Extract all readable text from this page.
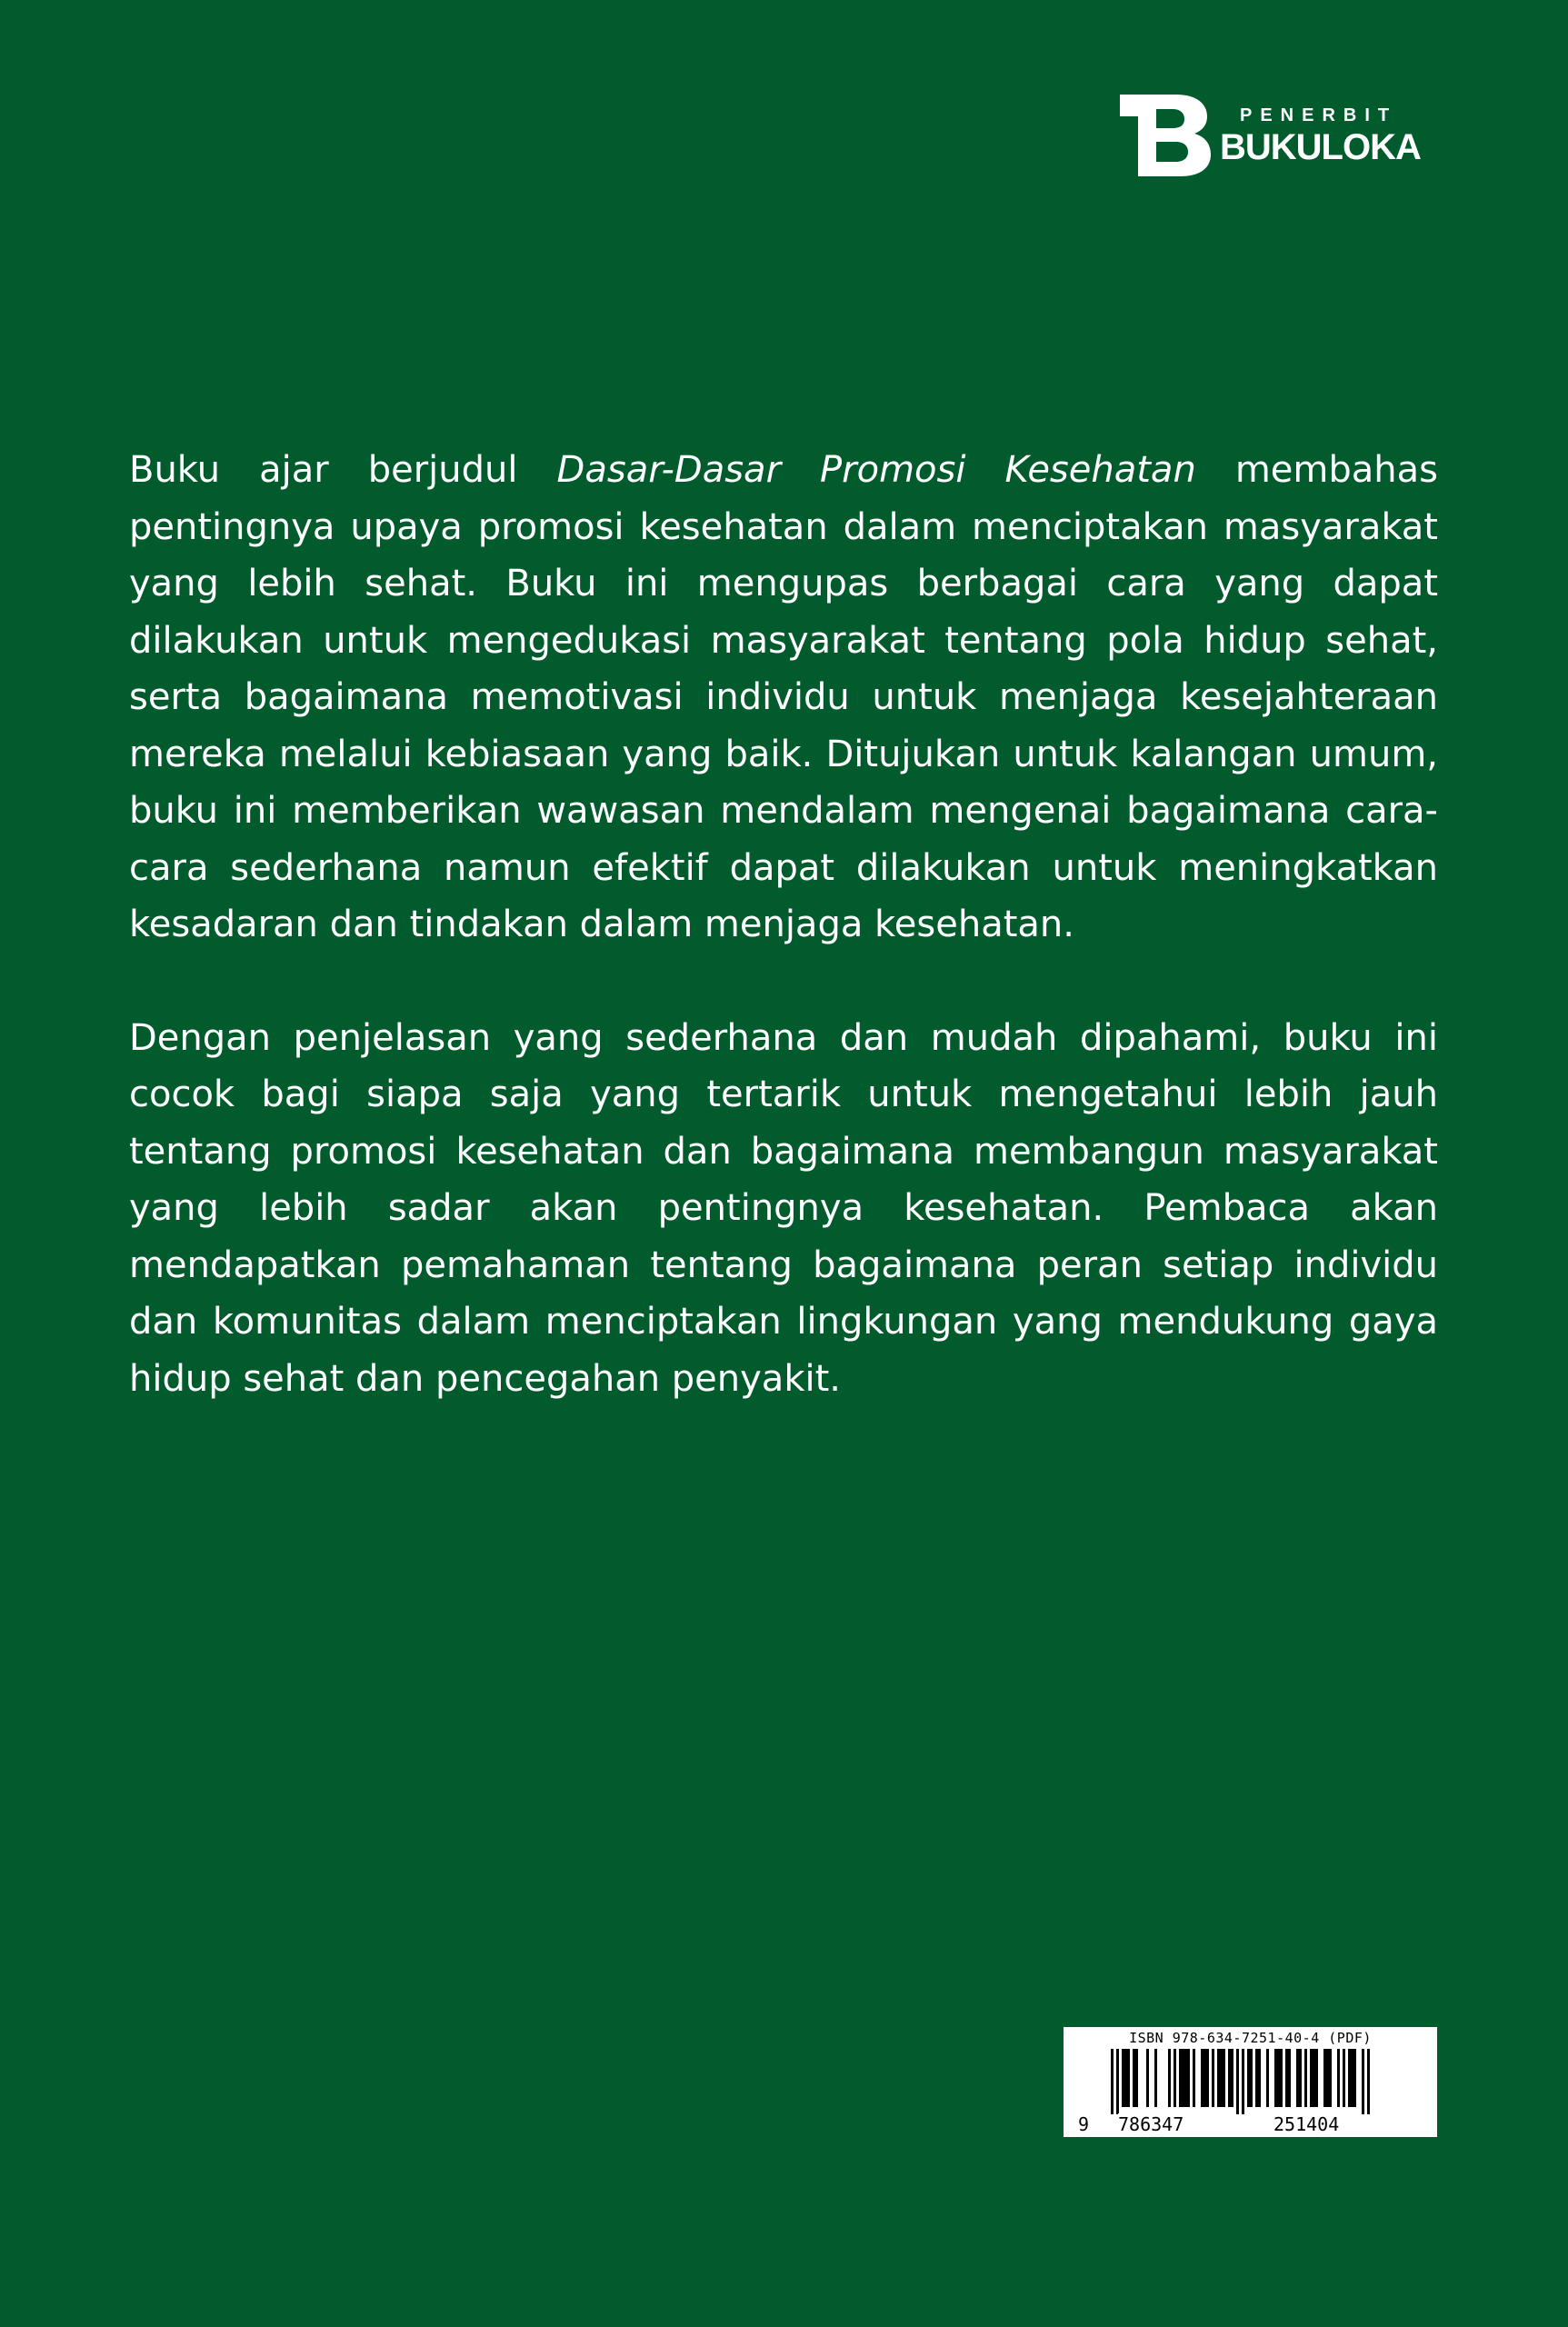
PENERBIT
BUKULOKA

Buku ajar berjudul Dasar-Dasar Promosi Kesehatan membahas pentingnya upaya promosi kesehatan dalam menciptakan masyarakat yang lebih sehat. Buku ini mengupas berbagai cara yang dapat dilakukan untuk mengedukasi masyarakat tentang pola hidup sehat, serta bagaimana memotivasi individu untuk menjaga kesejahteraan mereka melalui kebiasaan yang baik. Ditujukan untuk kalangan umum, buku ini memberikan wawasan mendalam mengenai bagaimana cara-cara sederhana namun efektif dapat dilakukan untuk meningkatkan kesadaran dan tindakan dalam menjaga kesehatan.

Dengan penjelasan yang sederhana dan mudah dipahami, buku ini cocok bagi siapa saja yang tertarik untuk mengetahui lebih jauh tentang promosi kesehatan dan bagaimana membangun masyarakat yang lebih sadar akan pentingnya kesehatan. Pembaca akan mendapatkan pemahaman tentang bagaimana peran setiap individu dan komunitas dalam menciptakan lingkungan yang mendukung gaya hidup sehat dan pencegahan penyakit.

ISBN 978-634-7251-40-4 (PDF)
9 786347	251404
